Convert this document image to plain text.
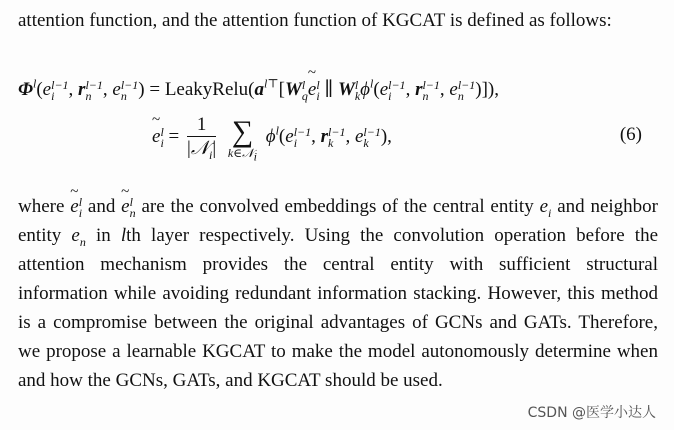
attention function, and the attention function of KGCAT is defined as follows:

$\Phi^l(e$ l−1
i , r l−1
n , e l−1
n ) = $LeakyRelu(a^{l⊤}[W$ l
q ~ e l
i ∥ W l
k $\phi^l(e$ l−1
i , r l−1
n , e l−1
n )]),
~ e l
$i = \frac{1}{|𝒩_i|}$
∑
k∈𝒩$_i$
$\phi^l(e$ l−1
i , r l−1
k , e l−1
k ),	(6)

where ~ e l
i and ~ e l
n are the convolved embeddings of the central entity $e_i$ and neighbor entity $e_n$ in lth layer respectively. Using the convolution operation before the attention mechanism provides the central entity with sufficient structural information while avoiding redundant information stacking. However, this method is a compromise between the original advantages of GCNs and GATs. Therefore, we propose a learnable KGCAT to make the model autonomously determine when and how the GCNs, GATs, and KGCAT should be used.

CSDN @医学小达人
